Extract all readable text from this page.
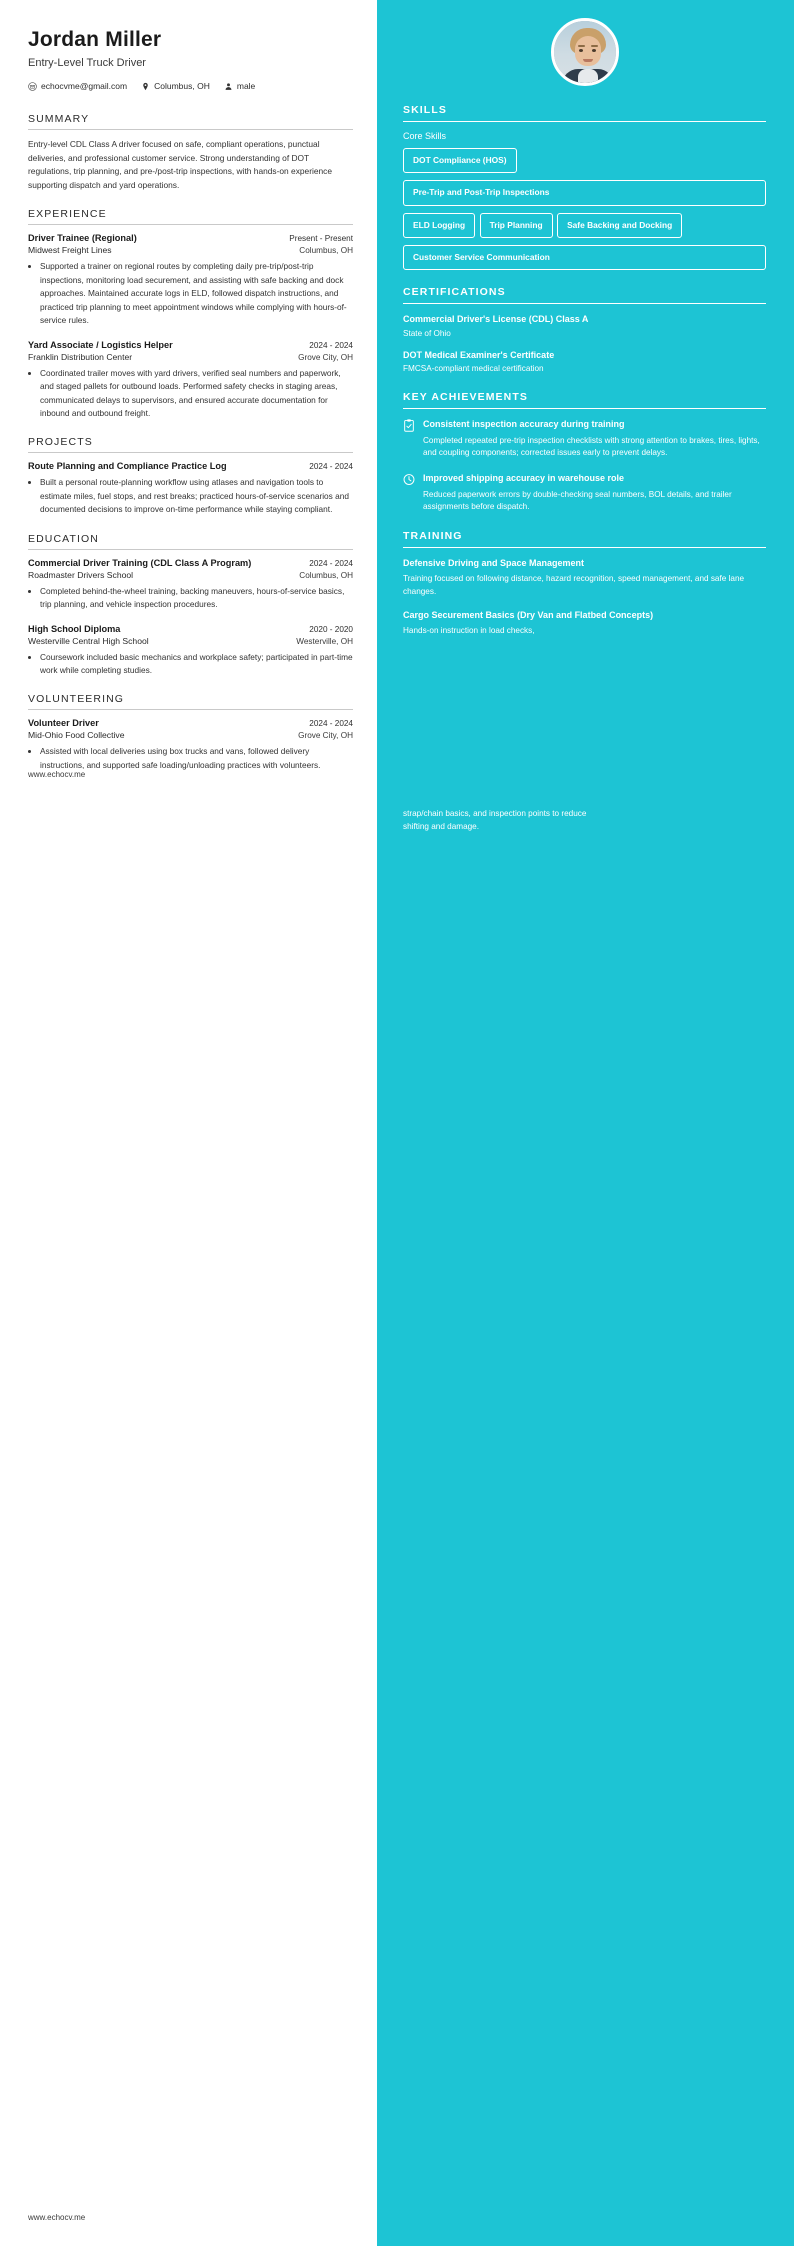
Jordan Miller
Entry-Level Truck Driver
echocvme@gmail.com	Columbus, OH	male
SUMMARY
Entry-level CDL Class A driver focused on safe, compliant operations, punctual deliveries, and professional customer service. Strong understanding of DOT regulations, trip planning, and pre-/post-trip inspections, with hands-on experience supporting dispatch and yard operations.
EXPERIENCE
Driver Trainee (Regional)	Present - Present
Midwest Freight Lines	Columbus, OH
• Supported a trainer on regional routes by completing daily pre-trip/post-trip inspections, monitoring load securement, and assisting with safe backing and dock approaches. Maintained accurate logs in ELD, followed dispatch instructions, and practiced trip planning to meet appointment windows while complying with hours-of-service rules.
Yard Associate / Logistics Helper	2024 - 2024
Franklin Distribution Center	Grove City, OH
• Coordinated trailer moves with yard drivers, verified seal numbers and paperwork, and staged pallets for outbound loads. Performed safety checks in staging areas, communicated delays to supervisors, and ensured accurate documentation for inbound and outbound freight.
PROJECTS
Route Planning and Compliance Practice Log	2024 - 2024
• Built a personal route-planning workflow using atlases and navigation tools to estimate miles, fuel stops, and rest breaks; practiced hours-of-service scenarios and documented decisions to improve on-time performance while staying compliant.
EDUCATION
Commercial Driver Training (CDL Class A Program)	2024 - 2024
Roadmaster Drivers School	Columbus, OH
• Completed behind-the-wheel training, backing maneuvers, hours-of-service basics, trip planning, and vehicle inspection procedures.
High School Diploma	2020 - 2020
Westerville Central High School	Westerville, OH
• Coursework included basic mechanics and workplace safety; participated in part-time work while completing studies.
VOLUNTEERING
Volunteer Driver	2024 - 2024
Mid-Ohio Food Collective	Grove City, OH
• Assisted with local deliveries using box trucks and vans, followed delivery instructions, and supported safe loading/unloading practices with volunteers.
www.echocv.me
www.echocv.me
SKILLS
Core Skills
DOT Compliance (HOS)
Pre-Trip and Post-Trip Inspections
ELD Logging	Trip Planning	Safe Backing and Docking
Customer Service Communication
CERTIFICATIONS
Commercial Driver's License (CDL) Class A
State of Ohio
DOT Medical Examiner's Certificate
FMCSA-compliant medical certification
KEY ACHIEVEMENTS
Consistent inspection accuracy during training
Completed repeated pre-trip inspection checklists with strong attention to brakes, tires, lights, and coupling components; corrected issues early to prevent delays.
Improved shipping accuracy in warehouse role
Reduced paperwork errors by double-checking seal numbers, BOL details, and trailer assignments before dispatch.
TRAINING
Defensive Driving and Space Management
Training focused on following distance, hazard recognition, speed management, and safe lane changes.
Cargo Securement Basics (Dry Van and Flatbed Concepts)
Hands-on instruction in load checks,
strap/chain basics, and inspection points to reduce shifting and damage.
